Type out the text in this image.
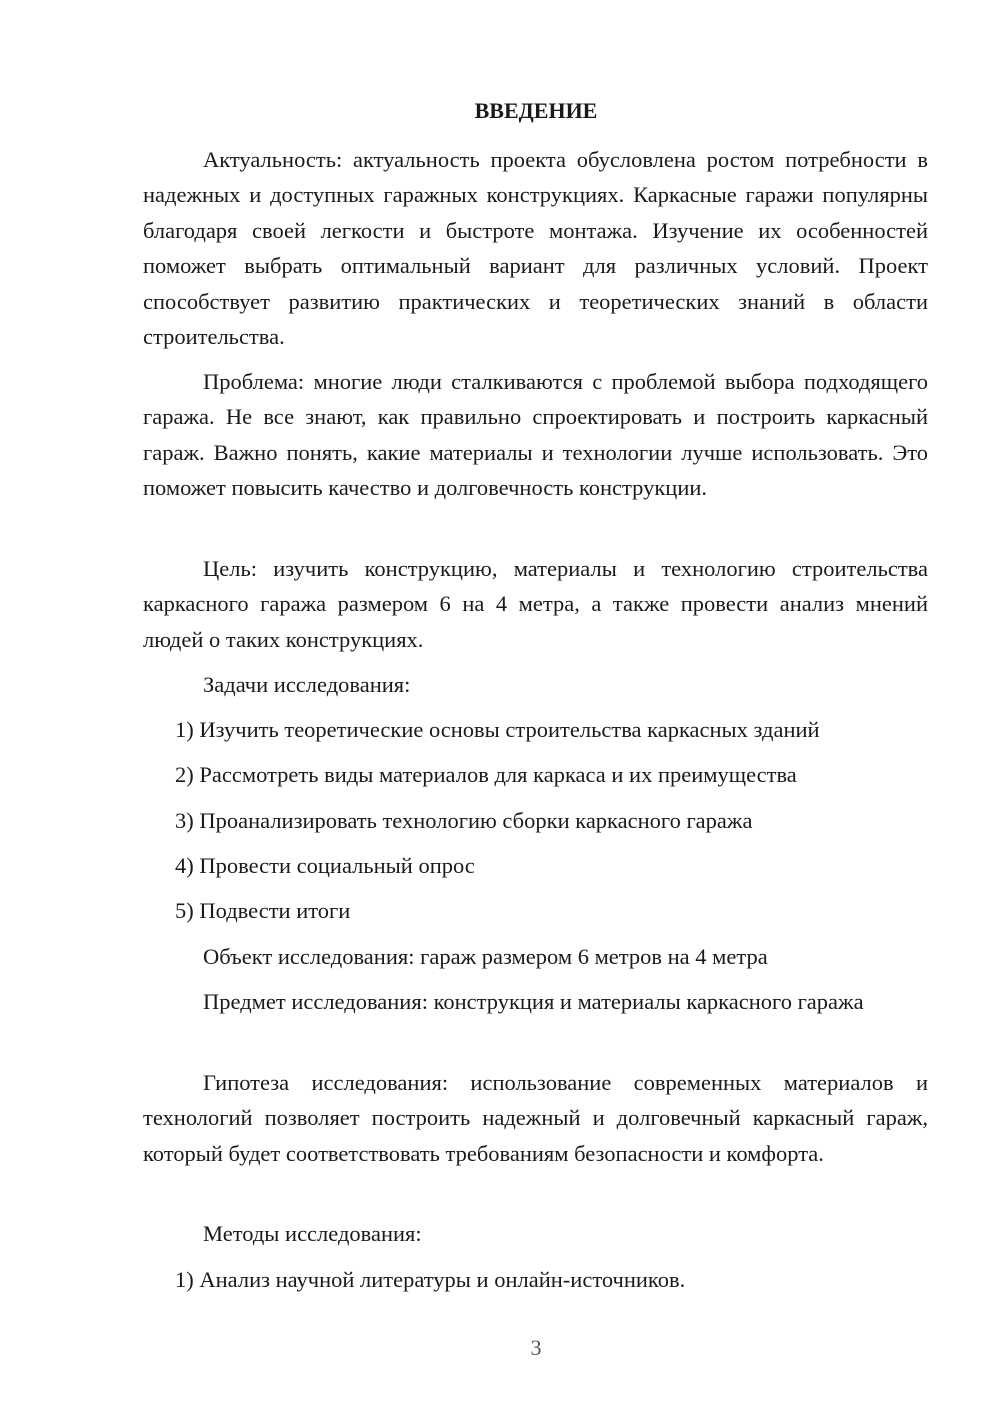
ВВЕДЕНИЕ

Актуальность: актуальность проекта обусловлена ростом потребности в надежных и доступных гаражных конструкциях. Каркасные гаражи популярны благодаря своей легкости и быстроте монтажа. Изучение их особенностей поможет выбрать оптимальный вариант для различных условий. Проект способствует развитию практических и теоретических знаний в области строительства.

Проблема: многие люди сталкиваются с проблемой выбора подходящего гаража. Не все знают, как правильно спроектировать и построить каркасный гараж. Важно понять, какие материалы и технологии лучше использовать. Это поможет повысить качество и долговечность конструкции.

Цель: изучить конструкцию, материалы и технологию строительства каркасного гаража размером 6 на 4 метра, а также провести анализ мнений людей о таких конструкциях.

Задачи исследования:

1) Изучить теоретические основы строительства каркасных зданий

2) Рассмотреть виды материалов для каркаса и их преимущества

3) Проанализировать технологию сборки каркасного гаража

4) Провести социальный опрос

5) Подвести итоги

Объект исследования: гараж размером 6 метров на 4 метра

Предмет исследования: конструкция и материалы каркасного гаража

Гипотеза исследования: использование современных материалов и технологий позволяет построить надежный и долговечный каркасный гараж, который будет соответствовать требованиям безопасности и комфорта.

Методы исследования:

1) Анализ научной литературы и онлайн-источников.

3
